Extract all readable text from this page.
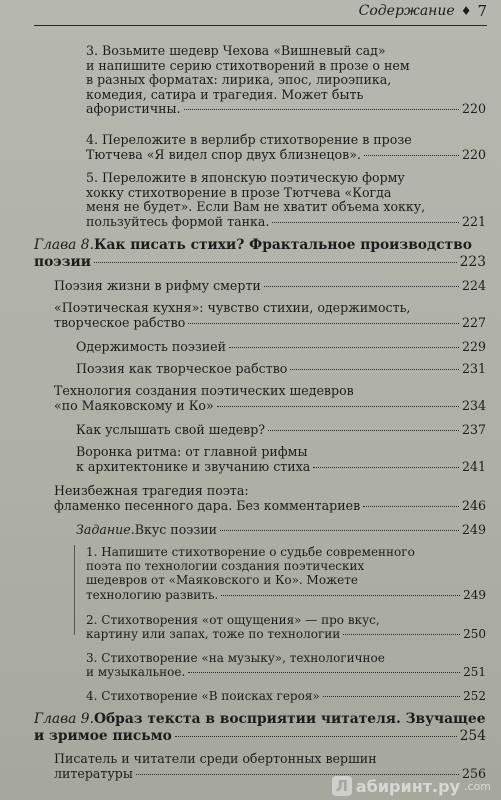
Содержание ♦ 7
3. Возьмите шедевр Чехова «Вишневый сад»
и напишите серию стихотворений в прозе о нем
в разных форматах: лирика, эпос, лироэпика,
комедия, сатира и трагедия. Может быть
афористичны.	220
4. Переложите в верлибр стихотворение в прозе
Тютчева «Я видел спор двух близнецов».	220
5. Переложите в японскую поэтическую форму
хокку стихотворение в прозе Тютчева «Когда
меня не будет». Если Вам не хватит объема хокку,
пользуйтесь формой танка.	221
Глава 8. Как писать стихи? Фрактальное производство
поэзии	223
Поэзия жизни в рифму смерти	224
«Поэтическая кухня»: чувство стихии, одержимость,
творческое рабство	227
Одержимость поэзией	229
Поэзия как творческое рабство	231
Технология создания поэтических шедевров
«по Маяковскому и Ко»	234
Как услышать свой шедевр?	237
Воронка ритма: от главной рифмы
к архитектонике и звучанию стиха	241
Неизбежная трагедия поэта:
фламенко песенного дара. Без комментариев	246
Задание. Вкус поэзии	249
1. Напишите стихотворение о судьбе современного
поэта по технологии создания поэтических
шедевров от «Маяковского и Ко». Можете
технологию развить.	249
2. Стихотворения «от ощущения» — про вкус,
картину или запах, тоже по технологии	250
3. Стихотворение «на музыку», технологичное
и музыкальное.	251
4. Стихотворение «В поисках героя»	252
Глава 9. Образ текста в восприятии читателя. Звучащее
и зримое письмо	254
Писатель и читатели среди обертонных вершин
литературы	256
Л абиринт.ру .com
